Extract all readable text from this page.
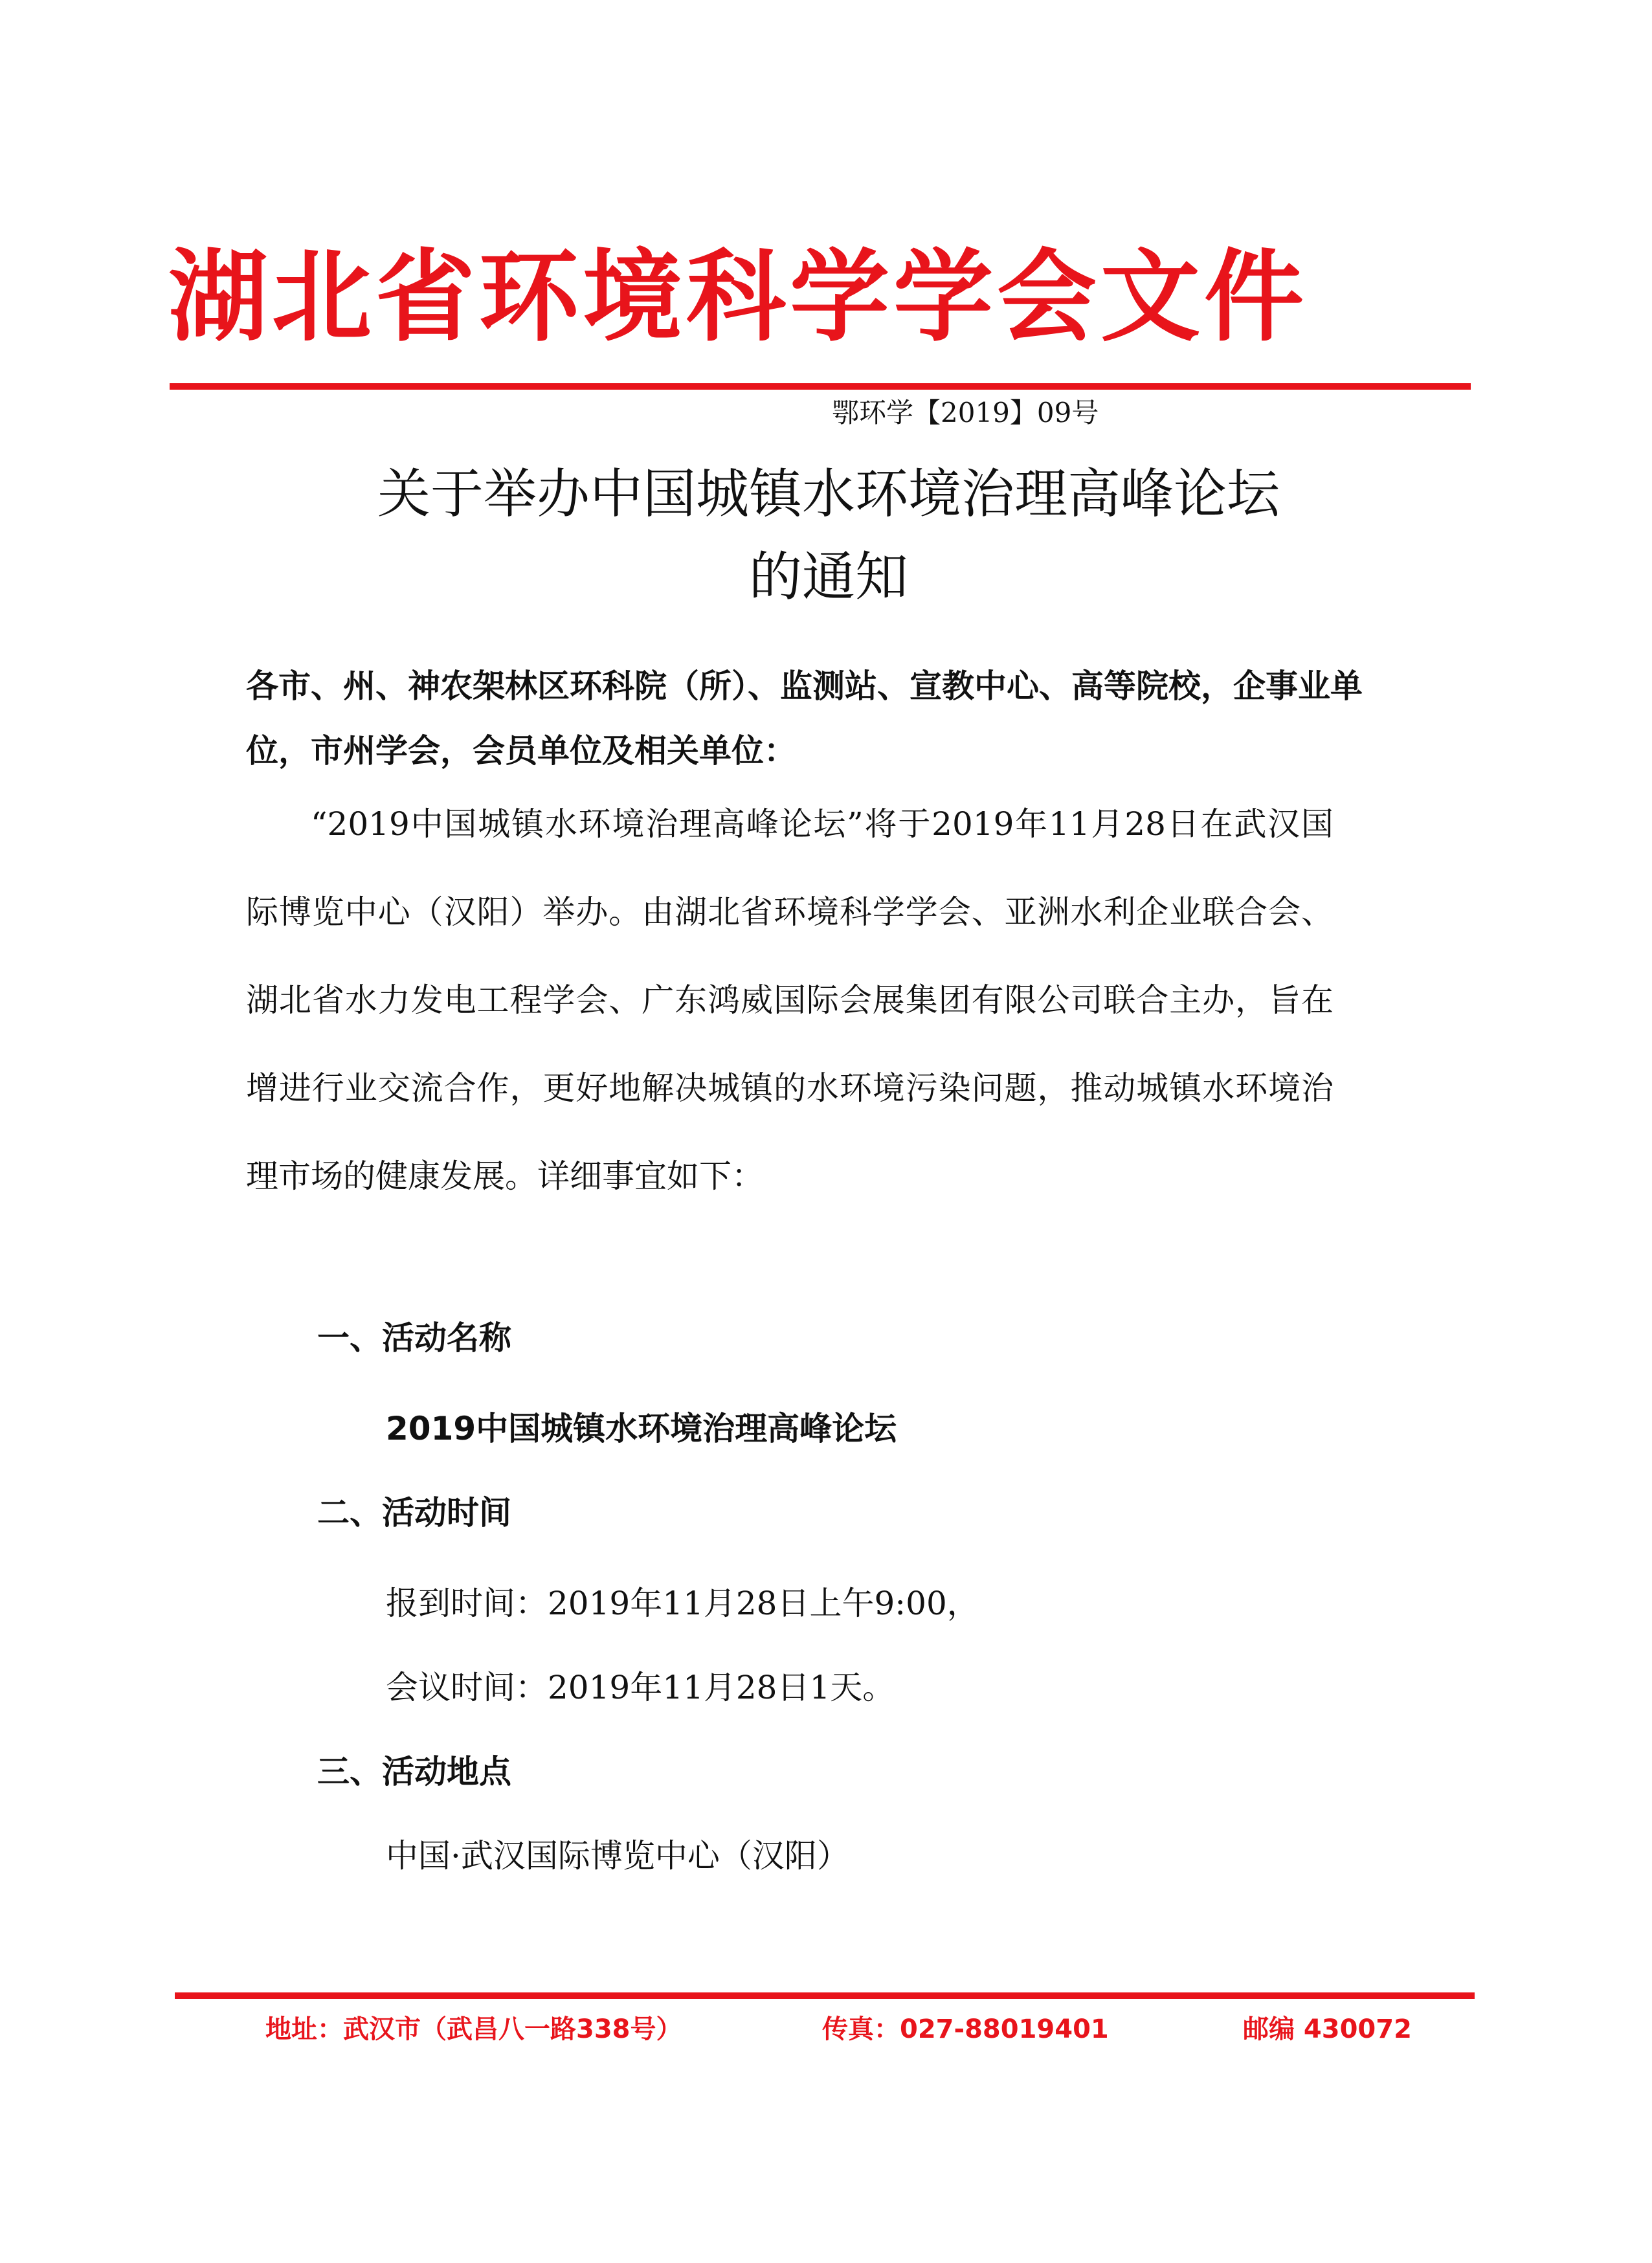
湖北省环境科学学会文件
鄂环学【2019】09号
关于举办中国城镇水环境治理高峰论坛
的通知
各市、州、神农架林区环科院（所）、监测站、宣教中心、高等院校，企事业单位，市州学会，会员单位及相关单位：
“2019中国城镇水环境治理高峰论坛”将于2019年11月28日在武汉国际博览中心（汉阳）举办。由湖北省环境科学学会、亚洲水利企业联合会、湖北省水力发电工程学会、广东鸿威国际会展集团有限公司联合主办，旨在增进行业交流合作，更好地解决城镇的水环境污染问题，推动城镇水环境治理市场的健康发展。详细事宜如下：
一、活动名称
2019中国城镇水环境治理高峰论坛
二、活动时间
报到时间：2019年11月28日上午9:00，
会议时间：2019年11月28日1天。
三、活动地点
中国·武汉国际博览中心（汉阳）
地址：武汉市（武昌八一路338号）	传真：027-88019401	邮编 430072
